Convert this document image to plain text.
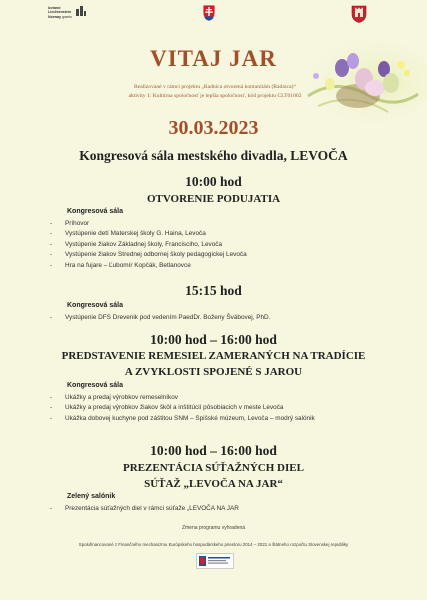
Iceland
Liechtenstein
Norway grants
VITAJ JAR
Realizované v rámci projektu „Radnica otvorená komunitám (Radnica)“
aktivity 1: Kultúrna spoločnosť je lepšia spoločnosť, kód projektu CLT01002
30.03.2023
Kongresová sála mestského divadla, LEVOČA
10:00 hod
OTVORENIE PODUJATIA
Kongresová sála
- Príhovor
- Vystúpenie detí Materskej školy G. Haina, Levoča
- Vystúpenie žiakov Základnej školy, Francisciho, Levoča
- Vystúpenie žiakov Strednej odbornej školy pedagogickej Levoča
- Hra na fujare – Ľubomír Kopčák, Betlanovce
15:15 hod
Kongresová sála
- Vystúpenie DFS Drevenik pod vedením PaedDr. Boženy Švábovej, PhD.
10:00 hod – 16:00 hod
PREDSTAVENIE REMESIEL ZAMERANÝCH NA TRADÍCIE
A ZVYKLOSTI SPOJENÉ S JAROU
Kongresová sála
- Ukážky a predaj výrobkov remeselníkov
- Ukážky a predaj výrobkov žiakov škôl a inštitúcií pôsobiacich v meste Levoča
- Ukážka dobovej kuchyne pod záštitou SNM – Spišské múzeum, Levoča – modrý salónik
10:00 hod – 16:00 hod
PREZENTÁCIA SÚŤAŽNÝCH DIEL
SÚŤAŽ „LEVOČA NA JAR“
Zelený salónik
- Prezentácia súťažných diel v rámci súťaže „LEVOČA NA JAR
Zmena programu vyhradená
Spolufinancované z Finančného mechanizmu Európskeho hospodárskeho priestoru 2014 – 2021 a štátneho rozpočtu Slovenskej republiky
